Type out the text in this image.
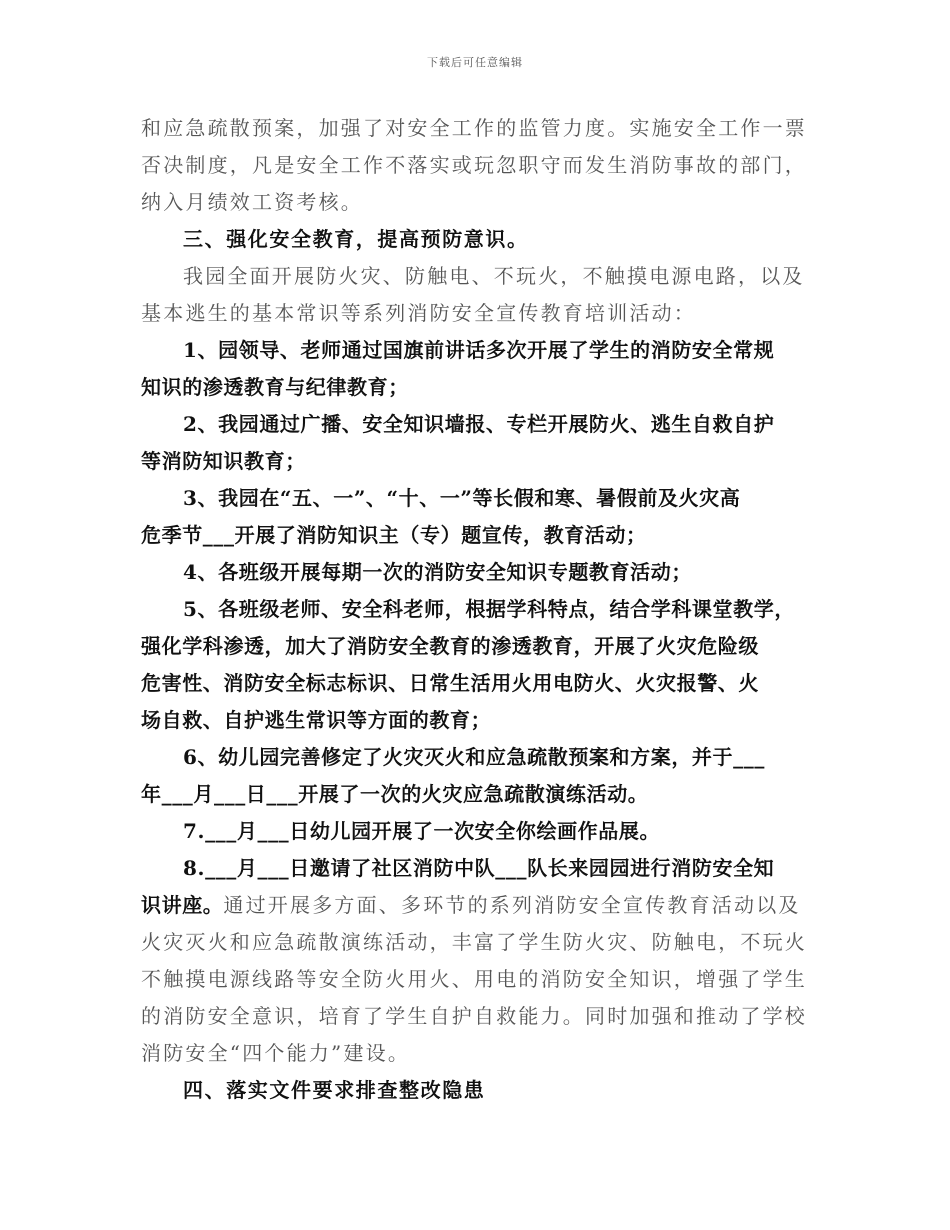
下载后可任意编辑
和应急疏散预案，加强了对安全工作的监管力度。实施安全工作一票
否决制度，凡是安全工作不落实或玩忽职守而发生消防事故的部门，
纳入月绩效工资考核。
三、强化安全教育，提高预防意识。
我园全面开展防火灾、防触电、不玩火，不触摸电源电路，以及
基本逃生的基本常识等系列消防安全宣传教育培训活动：
1、园领导、老师通过国旗前讲话多次开展了学生的消防安全常规
知识的渗透教育与纪律教育；
2、我园通过广播、安全知识墙报、专栏开展防火、逃生自救自护
等消防知识教育；
3、我园在“五、一”、“十、一”等长假和寒、暑假前及火灾高
危季节___开展了消防知识主（专）题宣传，教育活动；
4、各班级开展每期一次的消防安全知识专题教育活动；
5、各班级老师、安全科老师，根据学科特点，结合学科课堂教学，
强化学科渗透，加大了消防安全教育的渗透教育，开展了火灾危险级
危害性、消防安全标志标识、日常生活用火用电防火、火灾报警、火
场自救、自护逃生常识等方面的教育；
6、幼儿园完善修定了火灾灭火和应急疏散预案和方案，并于___
年___月___日___开展了一次的火灾应急疏散演练活动。
7.___月___日幼儿园开展了一次安全你绘画作品展。
8.___月___日邀请了社区消防中队___队长来园园进行消防安全知
识讲座。通过开展多方面、多环节的系列消防安全宣传教育活动以及
火灾灭火和应急疏散演练活动，丰富了学生防火灾、防触电，不玩火
不触摸电源线路等安全防火用火、用电的消防安全知识，增强了学生
的消防安全意识，培育了学生自护自救能力。同时加强和推动了学校
消防安全“四个能力”建设。
四、落实文件要求排查整改隐患
